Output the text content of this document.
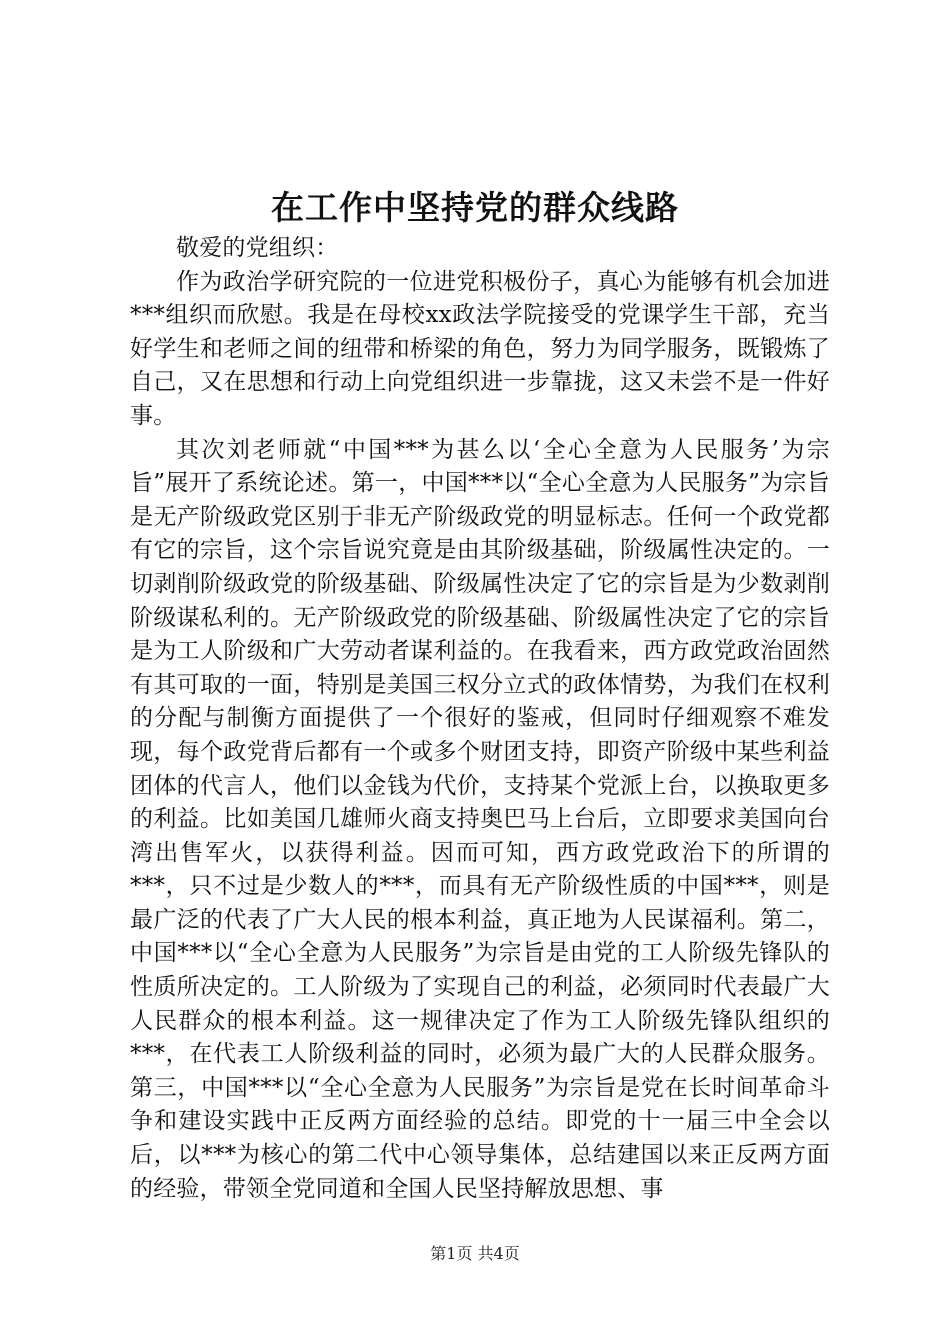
在工作中坚持党的群众线路

敬爱的党组织：

作为政治学研究院的一位进党积极份子，真心为能够有机会加进***组织而欣慰。我是在母校xx政法学院接受的党课学生干部，充当好学生和老师之间的纽带和桥梁的角色，努力为同学服务，既锻炼了自己，又在思想和行动上向党组织进一步靠拢，这又未尝不是一件好事。

其次刘老师就“中国***为甚么以‘全心全意为人民服务’为宗旨”展开了系统论述。第一，中国***以“全心全意为人民服务”为宗旨是无产阶级政党区别于非无产阶级政党的明显标志。任何一个政党都有它的宗旨，这个宗旨说究竟是由其阶级基础，阶级属性决定的。一切剥削阶级政党的阶级基础、阶级属性决定了它的宗旨是为少数剥削阶级谋私利的。无产阶级政党的阶级基础、阶级属性决定了它的宗旨是为工人阶级和广大劳动者谋利益的。在我看来，西方政党政治固然有其可取的一面，特别是美国三权分立式的政体情势，为我们在权利的分配与制衡方面提供了一个很好的鉴戒，但同时仔细观察不难发现，每个政党背后都有一个或多个财团支持，即资产阶级中某些利益团体的代言人，他们以金钱为代价，支持某个党派上台，以换取更多的利益。比如美国几雄师火商支持奥巴马上台后，立即要求美国向台湾出售军火，以获得利益。因而可知，西方政党政治下的所谓的***，只不过是少数人的***，而具有无产阶级性质的中国***，则是最广泛的代表了广大人民的根本利益，真正地为人民谋福利。第二，中国***以“全心全意为人民服务”为宗旨是由党的工人阶级先锋队的性质所决定的。工人阶级为了实现自己的利益，必须同时代表最广大人民群众的根本利益。这一规律决定了作为工人阶级先锋队组织的***，在代表工人阶级利益的同时，必须为最广大的人民群众服务。第三，中国***以“全心全意为人民服务”为宗旨是党在长时间革命斗争和建设实践中正反两方面经验的总结。即党的十一届三中全会以后，以***为核心的第二代中心领导集体，总结建国以来正反两方面的经验，带领全党同道和全国人民坚持解放思想、事

第1页 共4页
